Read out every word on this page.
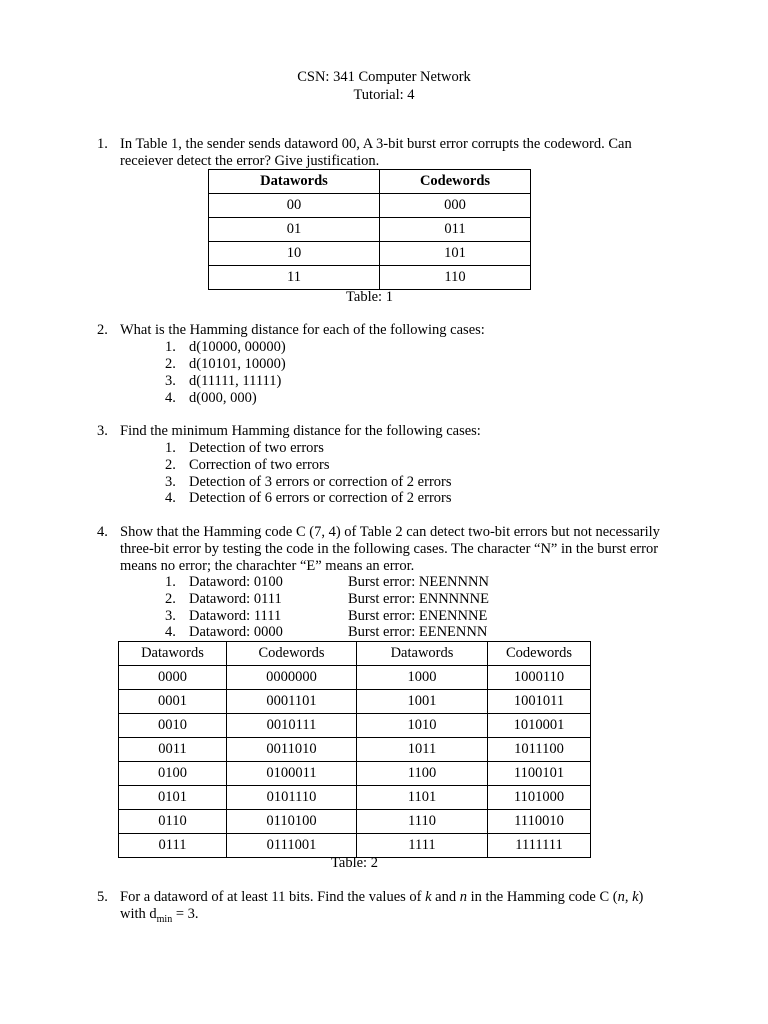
CSN: 341 Computer Network
Tutorial: 4
1. In Table 1, the sender sends dataword 00, A 3-bit burst error corrupts the codeword. Can receiever detect the error? Give justification.
Datawords	Codewords
00	000
01	011
10	101
11	110
Table: 1
2. What is the Hamming distance for each of the following cases:
1. d(10000, 00000)
2. d(10101, 10000)
3. d(11111, 11111)
4. d(000, 000)
3. Find the minimum Hamming distance for the following cases:
1. Detection of two errors
2. Correction of two errors
3. Detection of 3 errors or correction of 2 errors
4. Detection of 6 errors or correction of 2 errors
4. Show that the Hamming code C (7, 4) of Table 2 can detect two-bit errors but not necessarily three-bit error by testing the code in the following cases. The character “N” in the burst error means no error; the charachter “E” means an error.
1. Dataword: 0100	Burst error: NEENNNN
2. Dataword: 0111	Burst error: ENNNNNE
3. Dataword: 1111	Burst error: ENENNNE
4. Dataword: 0000	Burst error: EENENNN
Datawords	Codewords	Datawords	Codewords
0000	0000000	1000	1000110
0001	0001101	1001	1001011
0010	0010111	1010	1010001
0011	0011010	1011	1011100
0100	0100011	1100	1100101
0101	0101110	1101	1101000
0110	0110100	1110	1110010
0111	0111001	1111	1111111
Table: 2
5. For a dataword of at least 11 bits. Find the values of k and n in the Hamming code C (n, k)
with $d_{min} = 3$.
